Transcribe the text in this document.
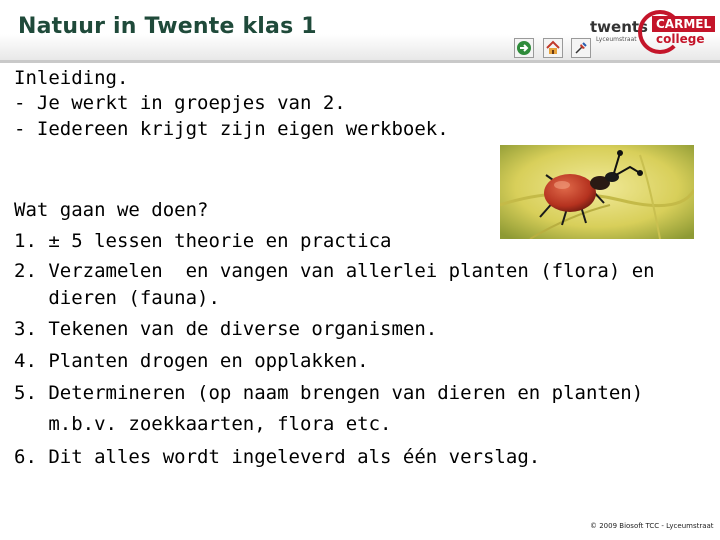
Natuur in Twente klas 1	twents
Lyceumstraat
CARMEL
college
Inleiding.
- Je werkt in groepjes van 2.
- Iedereen krijgt zijn eigen werkboek.
Wat gaan we doen?
1. ± 5 lessen theorie en practica
2. Verzamelen  en vangen van allerlei planten (flora) en
dieren (fauna).
3. Tekenen van de diverse organismen.
4. Planten drogen en opplakken.
5. Determineren (op naam brengen van dieren en planten)
m.b.v. zoekkaarten, flora etc.
6. Dit alles wordt ingeleverd als één verslag.
© 2009 Biosoft TCC - Lyceumstraat
